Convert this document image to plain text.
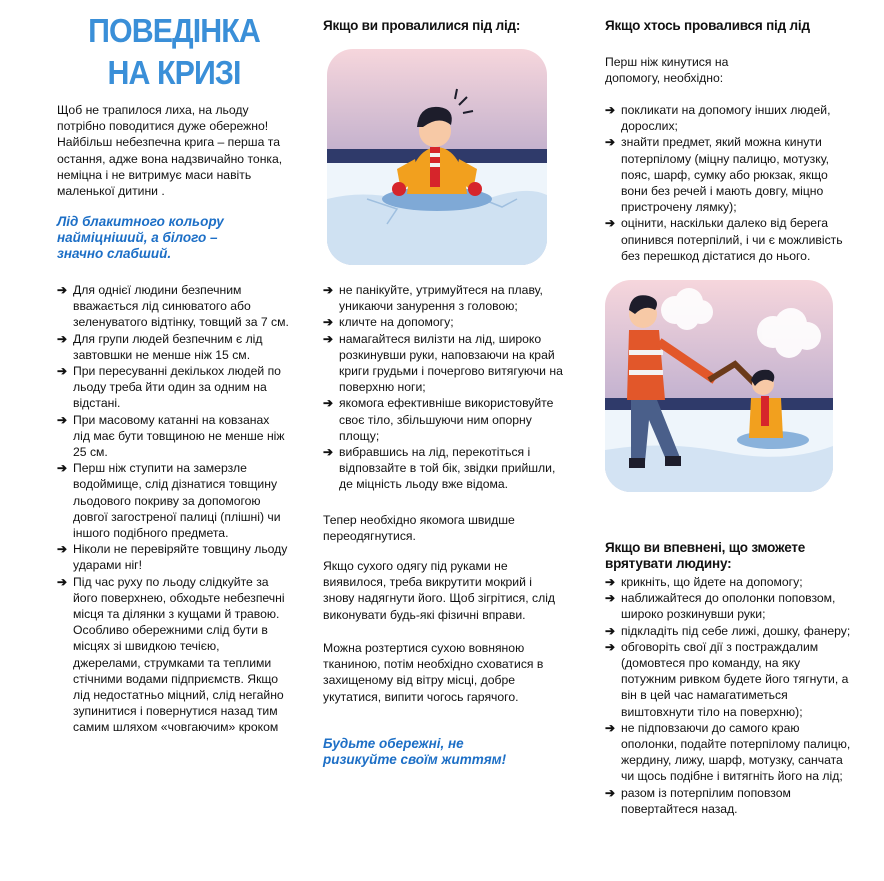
ПОВЕДІНКА
НА КРИЗІ
Щоб не трапилося лиха, на льоду потрібно поводитися дуже обережно! Найбільш небезпечна крига – перша та остання, адже вона надзвичайно тонка, неміцна і не витримує маси навіть маленької дитини .
Лід блакитного кольору найміцніший, а білого – значно слабший.
➔ Для однієї людини безпечним вважається лід синюватого або зеленуватого відтінку, товщий за 7 см.
➔ Для групи людей безпечним є лід завтовшки не менше ніж 15 см.
➔ При пересуванні декількох людей по льоду треба йти один за одним на відстані.
➔ При масовому катанні на ковзанах лід має бути товщиною не менше ніж 25 см.
➔ Перш ніж ступити на замерзле водоймище, слід дізнатися товщину льодового покриву за допомогою довгої загостреної палиці (плішні) чи іншого подібного предмета.
➔ Ніколи не перевіряйте товщину льоду ударами ніг!
➔ Під час руху по льоду слідкуйте за його поверхнею, обходьте небезпечні місця та ділянки з кущами й травою. Особливо обережними слід бути в місцях зі швидкою течією, джерелами, струмками та теплими стічними водами підприємств. Якщо лід недостатньо міцний, слід негайно зупинитися і повернутися назад тим самим шляхом «човгаючим» кроком
Якщо ви провалилися під лід:
➔ не панікуйте, утримуйтеся на плаву, уникаючи занурення з головою;
➔ кличте на допомогу;
➔ намагайтеся вилізти на лід, широко розкинувши руки, наповзаючи на край криги грудьми і почергово витягуючи на поверхню ноги;
➔ якомога ефективніше використовуйте своє тіло, збільшуючи ним опорну площу;
➔ вибравшись на лід, перекотіться і відповзайте в той бік, звідки прийшли, де міцність льоду вже відома.
Тепер необхідно якомога швидше переодягнутися.
Якщо сухого одягу під руками не виявилося, треба викрутити мокрий і знову надягнути його. Щоб зігрітися, слід виконувати будь-які фізичні вправи.
Можна розтертися сухою вовняною тканиною, потім необхідно сховатися в захищеному від вітру місці, добре укутатися, випити чогось гарячого.
Будьте обережні, не ризикуйте своїм життям!
Якщо хтось провалився під лід
Перш ніж кинутися на допомогу, необхідно:
➔ покликати на допомогу інших людей, дорослих;
➔ знайти предмет, який можна кинути потерпілому (міцну палицю, мотузку, пояс, шарф, сумку або рюкзак, якщо вони без речей і мають довгу, міцно пристрочену лямку);
➔ оцінити, наскільки далеко від берега опинився потерпілий, і чи є можливість без перешкод дістатися до нього.
Якщо ви впевнені, що зможете врятувати людину:
➔ крикніть, що йдете на допомогу;
➔ наближайтеся до ополонки поповзом, широко розкинувши руки;
➔ підкладіть під себе лижі, дошку, фанеру;
➔ обговоріть свої дії з постраждалим (домовтеся про команду, на яку потужним ривком будете його тягнути, а він в цей час намагатиметься виштовхнути тіло на поверхню);
➔ не підповзаючи до самого краю ополонки, подайте потерпілому палицю, жердину, лижу, шарф, мотузку, санчата чи щось подібне і витягніть його на лід;
➔ разом із потерпілим поповзом повертайтеся назад.
